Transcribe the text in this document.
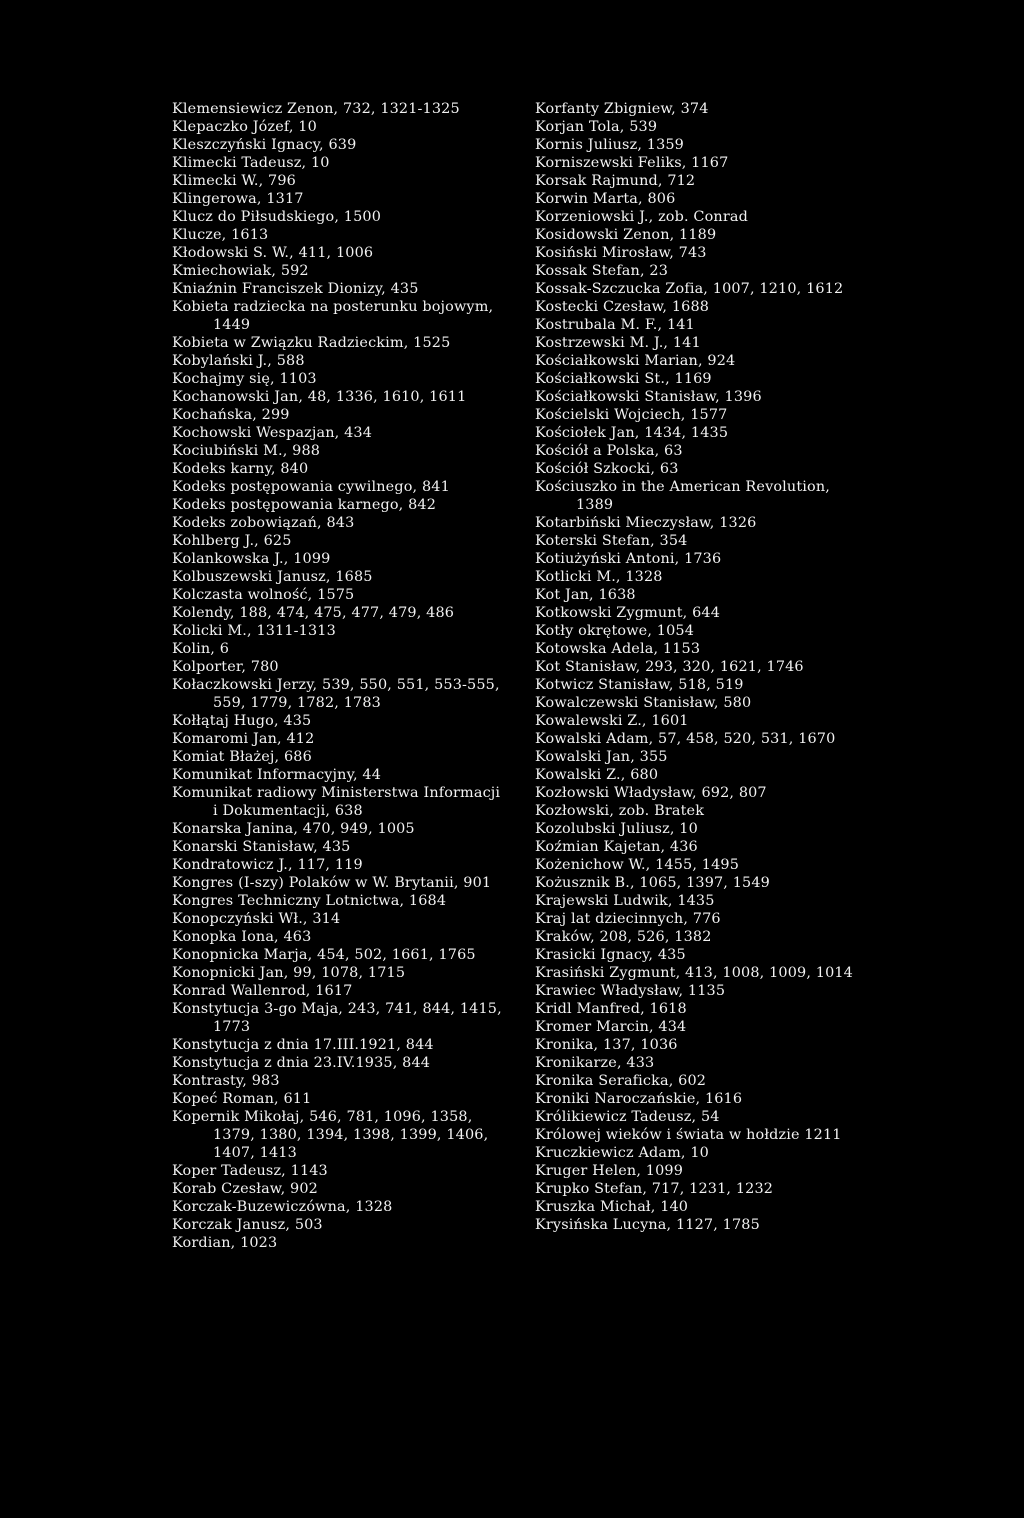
Klemensiewicz Zenon, 732, 1321-1325

Klepaczko Józef, 10

Kleszczyński Ignacy, 639

Klimecki Tadeusz, 10

Klimecki W., 796

Klingerowa, 1317

Klucz do Piłsudskiego, 1500

Klucze, 1613

Kłodowski S. W., 411, 1006

Kmiechowiak, 592

Kniaźnin Franciszek Dionizy, 435

Kobieta radziecka na posterunku bojowym, 1449

Kobieta w Związku Radzieckim, 1525

Kobylański J., 588

Kochajmy się, 1103

Kochanowski Jan, 48, 1336, 1610, 1611

Kochańska, 299

Kochowski Wespazjan, 434

Kociubiński M., 988

Kodeks karny, 840

Kodeks postępowania cywilnego, 841

Kodeks postępowania karnego, 842

Kodeks zobowiązań, 843

Kohlberg J., 625

Kolankowska J., 1099

Kolbuszewski Janusz, 1685

Kolczasta wolność, 1575

Kolendy, 188, 474, 475, 477, 479, 486

Kolicki M., 1311-1313

Kolin, 6

Kolporter, 780

Kołaczkowski Jerzy, 539, 550, 551, 553-555, 559, 1779, 1782, 1783

Kołłątaj Hugo, 435

Komaromi Jan, 412

Komiat Błażej, 686

Komunikat Informacyjny, 44

Komunikat radiowy Ministerstwa Informacji i Dokumentacji, 638

Konarska Janina, 470, 949, 1005

Konarski Stanisław, 435

Kondratowicz J., 117, 119

Kongres (I-szy) Polaków w W. Brytanii, 901

Kongres Techniczny Lotnictwa, 1684

Konopczyński Wł., 314

Konopka Iona, 463

Konopnicka Marja, 454, 502, 1661, 1765

Konopnicki Jan, 99, 1078, 1715

Konrad Wallenrod, 1617

Konstytucja 3-go Maja, 243, 741, 844, 1415, 1773

Konstytucja z dnia 17.III.1921, 844

Konstytucja z dnia 23.IV.1935, 844

Kontrasty, 983

Kopeć Roman, 611

Kopernik Mikołaj, 546, 781, 1096, 1358, 1379, 1380, 1394, 1398, 1399, 1406, 1407, 1413

Koper Tadeusz, 1143

Korab Czesław, 902

Korczak-Buzewiczówna, 1328

Korczak Janusz, 503

Kordian, 1023

Korfanty Zbigniew, 374

Korjan Tola, 539

Kornis Juliusz, 1359

Korniszewski Feliks, 1167

Korsak Rajmund, 712

Korwin Marta, 806

Korzeniowski J., zob. Conrad

Kosidowski Zenon, 1189

Kosiński Mirosław, 743

Kossak Stefan, 23

Kossak-Szczucka Zofia, 1007, 1210, 1612

Kostecki Czesław, 1688

Kostrubala M. F., 141

Kostrzewski M. J., 141

Kościałkowski Marian, 924

Kościałkowski St., 1169

Kościałkowski Stanisław, 1396

Kościelski Wojciech, 1577

Kościołek Jan, 1434, 1435

Kościół a Polska, 63

Kościół Szkocki, 63

Kościuszko in the American Revolution, 1389

Kotarbiński Mieczysław, 1326

Koterski Stefan, 354

Kotiużyński Antoni, 1736

Kotlicki M., 1328

Kot Jan, 1638

Kotkowski Zygmunt, 644

Kotły okrętowe, 1054

Kotowska Adela, 1153

Kot Stanisław, 293, 320, 1621, 1746

Kotwicz Stanisław, 518, 519

Kowalczewski Stanisław, 580

Kowalewski Z., 1601

Kowalski Adam, 57, 458, 520, 531, 1670

Kowalski Jan, 355

Kowalski Z., 680

Kozłowski Władysław, 692, 807

Kozłowski, zob. Bratek

Kozolubski Juliusz, 10

Koźmian Kajetan, 436

Kożenichow W., 1455, 1495

Kożusznik B., 1065, 1397, 1549

Krajewski Ludwik, 1435

Kraj lat dziecinnych, 776

Kraków, 208, 526, 1382

Krasicki Ignacy, 435

Krasiński Zygmunt, 413, 1008, 1009, 1014

Krawiec Władysław, 1135

Kridl Manfred, 1618

Kromer Marcin, 434

Kronika, 137, 1036

Kronikarze, 433

Kronika Seraficka, 602

Kroniki Naroczańskie, 1616

Królikiewicz Tadeusz, 54

Królowej wieków i świata w hołdzie 1211

Kruczkiewicz Adam, 10

Kruger Helen, 1099

Krupko Stefan, 717, 1231, 1232

Kruszka Michał, 140

Krysińska Lucyna, 1127, 1785
